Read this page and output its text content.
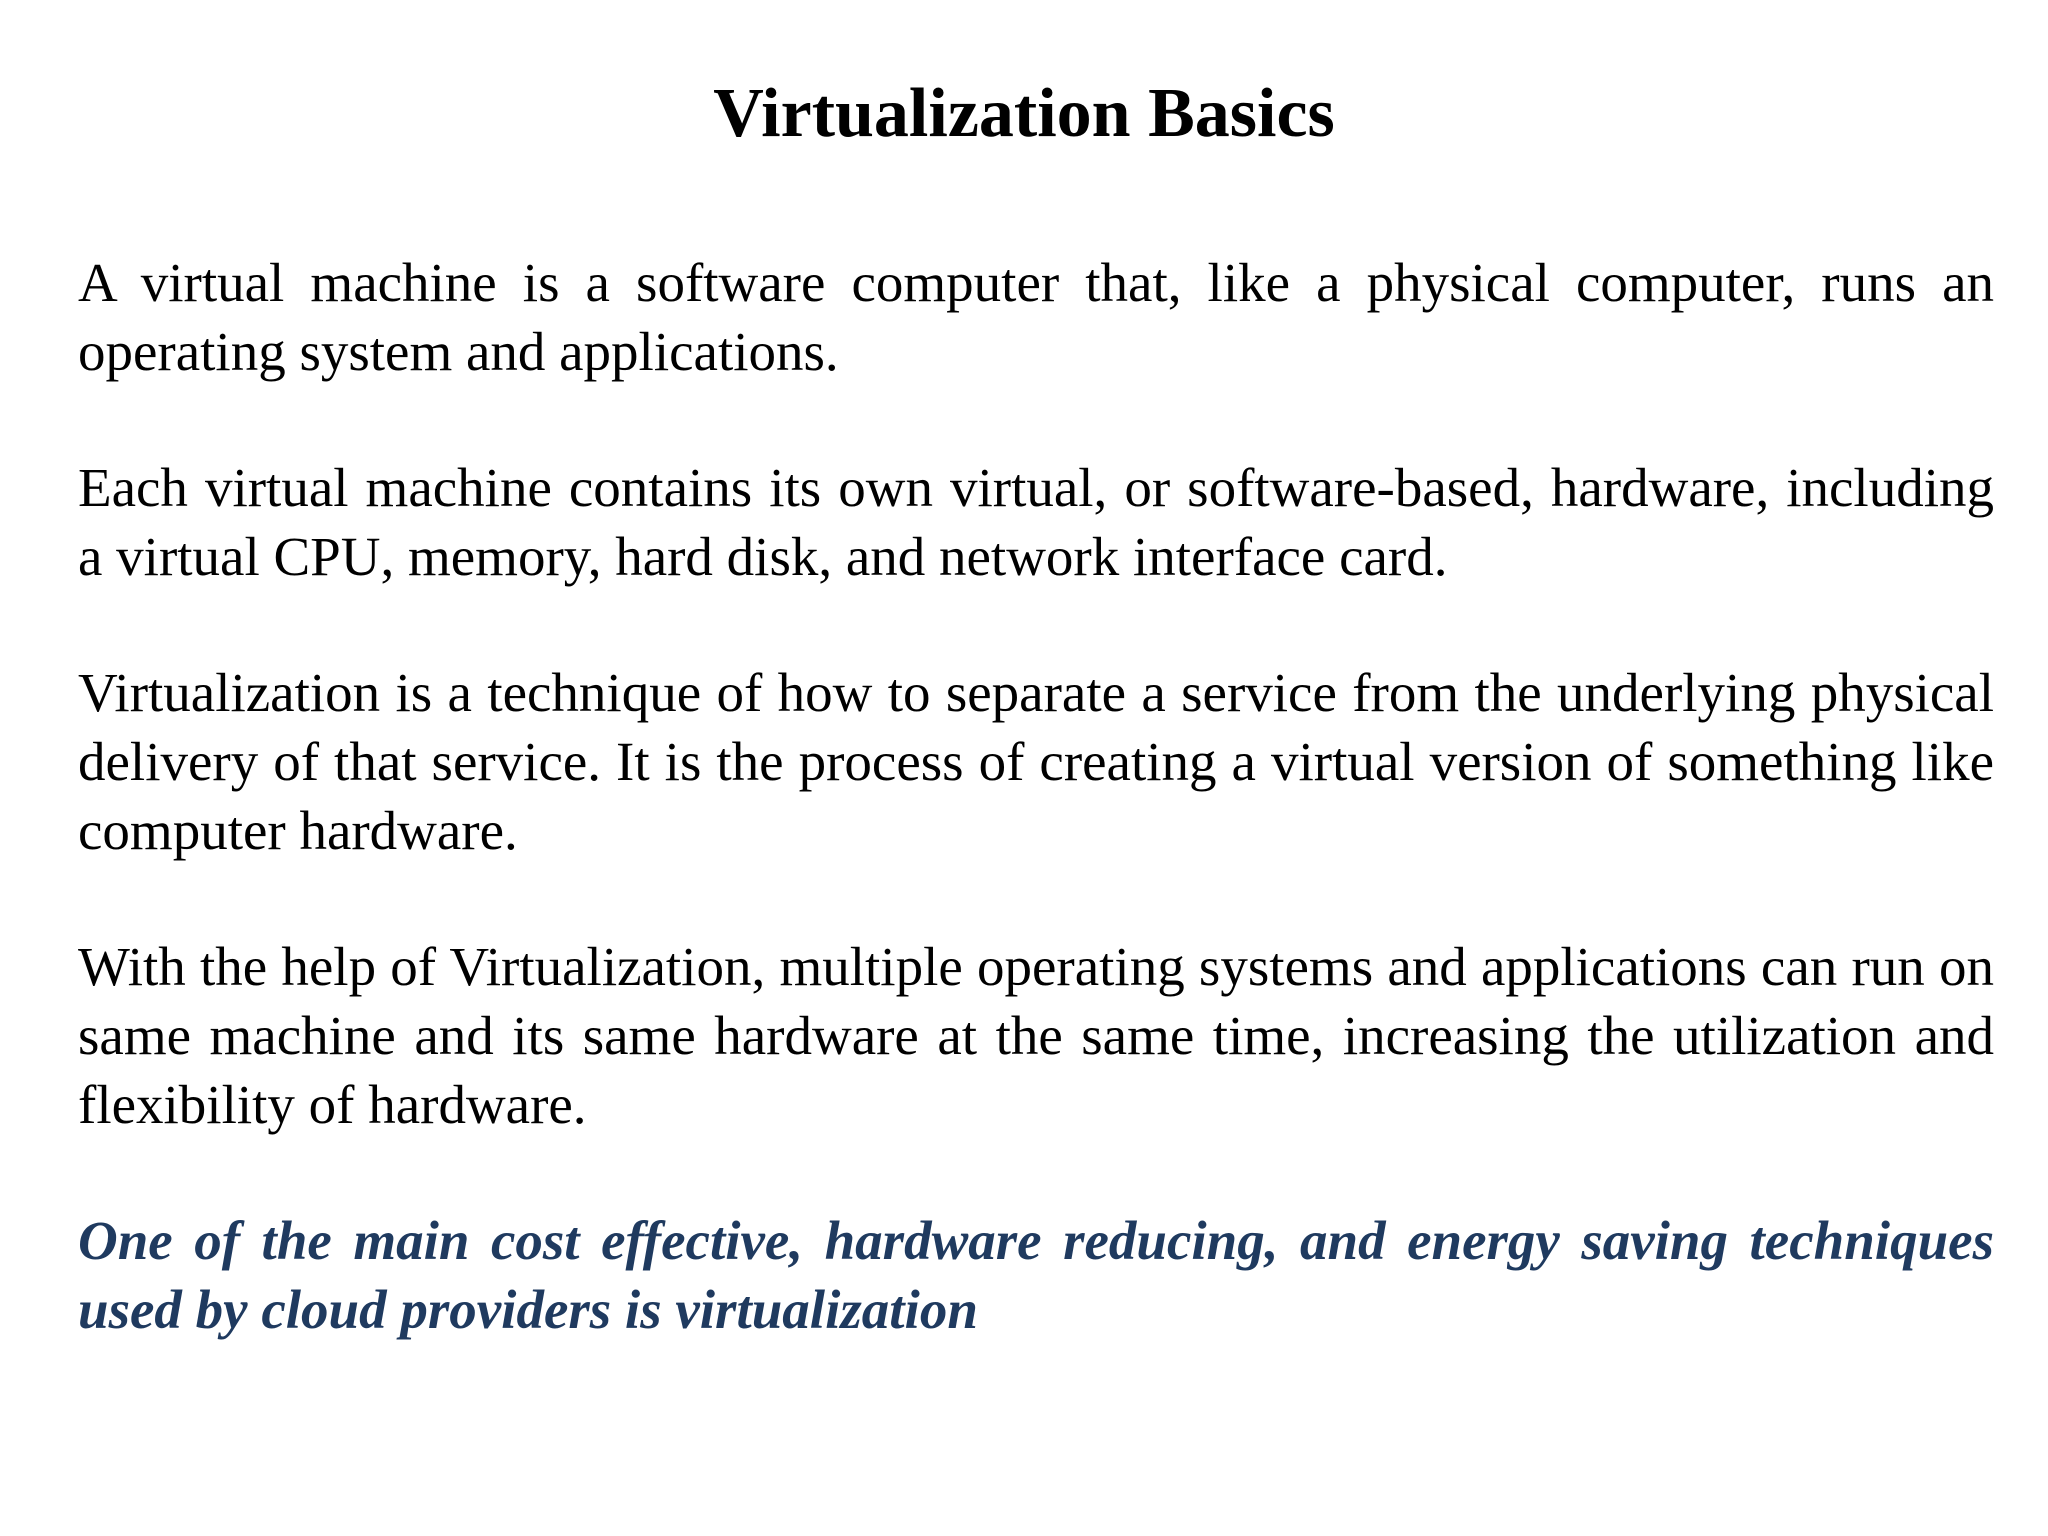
Virtualization Basics

A virtual machine is a software computer that, like a physical computer, runs an operating system and applications.

Each virtual machine contains its own virtual, or software-based, hardware, including a virtual CPU, memory, hard disk, and network interface card.

Virtualization is a technique of how to separate a service from the underlying physical delivery of that service. It is the process of creating a virtual version of something like computer hardware.

With the help of Virtualization, multiple operating systems and applications can run on same machine and its same hardware at the same time, increasing the utilization and flexibility of hardware.

One of the main cost effective, hardware reducing, and energy saving techniques used by cloud providers is virtualization
